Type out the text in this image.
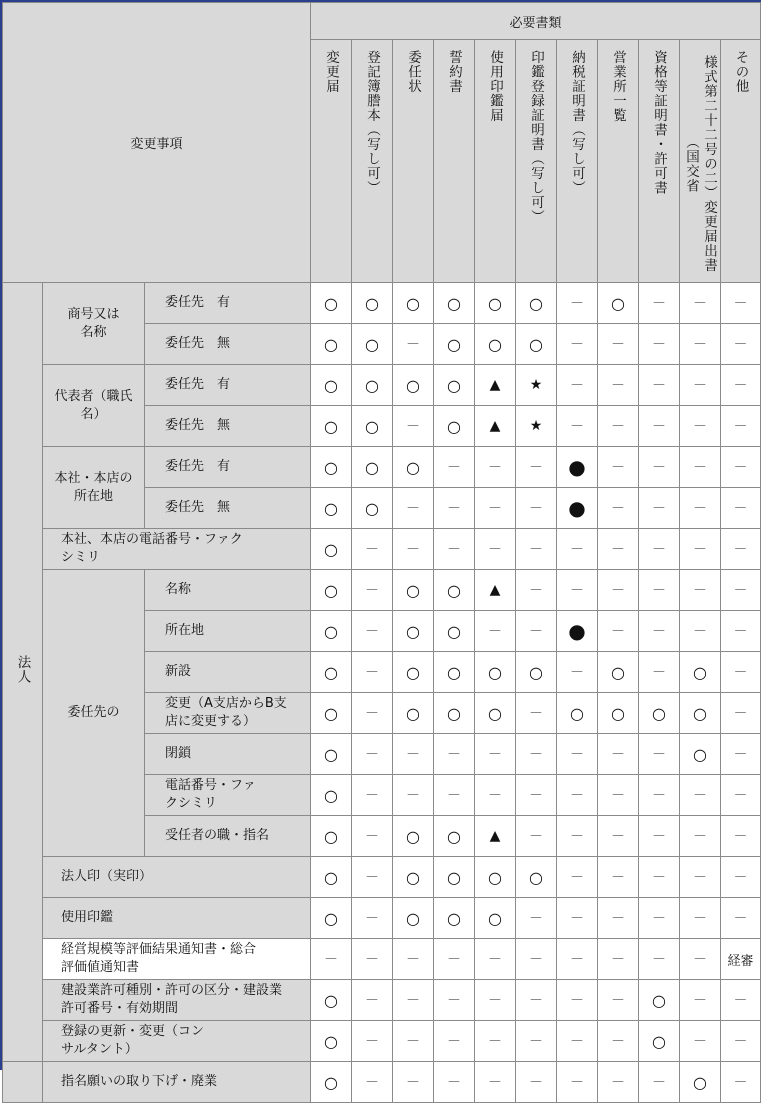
変更事項			必要書類										
			変更届	登記簿謄本（写し可）	委任状	誓約書	使用印鑑届	印鑑登録証明書（写し可）	納税証明書（写し可）	営業所一覧	資格等証明書・許可書	様式第二十二号の二）変更届出書（国交省	その他
法人	商号又は名称	委任先　有	○	○	○	○	○	○	－	○	－	－	－
		委任先　無	○	○	－	○	○	○	－	－	－	－	－

	代表者（職氏名）	委任先　有	○	○	○	○	▲	★	－	－	－	－	－
		委任先　無	○	○	－	○	▲	★	－	－	－	－	－

	本社・本店の所在地	委任先　有	○	○	○	－	－	－	●	－	－	－	－
		委任先　無	○	○	－	－	－	－	●	－	－	－	－

	本社、本店の電話番号・ファクシミリ		○	－	－	－	－	－	－	－	－	－	－
	委任先の	名称	○	－	○	○	▲	－	－	－	－	－	－
		所在地	○	－	○	○	－	－	●	－	－	－	－
		新設	○	－	○	○	○	○	－	○	－	○	－

		変更（A支店からB支店に変更する）	○	－	○	○	○	－	○	○	○	○	－
		閉鎖	○	－	－	－	－	－	－	－	－	○	－

		電話番号・ファクシミリ	○	－	－	－	－	－	－	－	－	－	－
		受任者の職・指名	○	－	○	○	▲	－	－	－	－	－	－
	法人印（実印）		○	－	○	○	○	○	－	－	－	－	－
	使用印鑑		○	－	○	○	○	－	－	－	－	－	－

	経営規模等評価結果通知書・総合評価値通知書		－	－	－	－	－	－	－	－	－	－	経審

	建設業許可種別・許可の区分・建設業許可番号・有効期間		○	－	－	－	－	－	－	－	○	－	－

	登録の更新・変更（コンサルタント）		○	－	－	－	－	－	－	－	○	－	－
	指名願いの取り下げ・廃業		○	－	－	－	－	－	－	－	－	○	－
